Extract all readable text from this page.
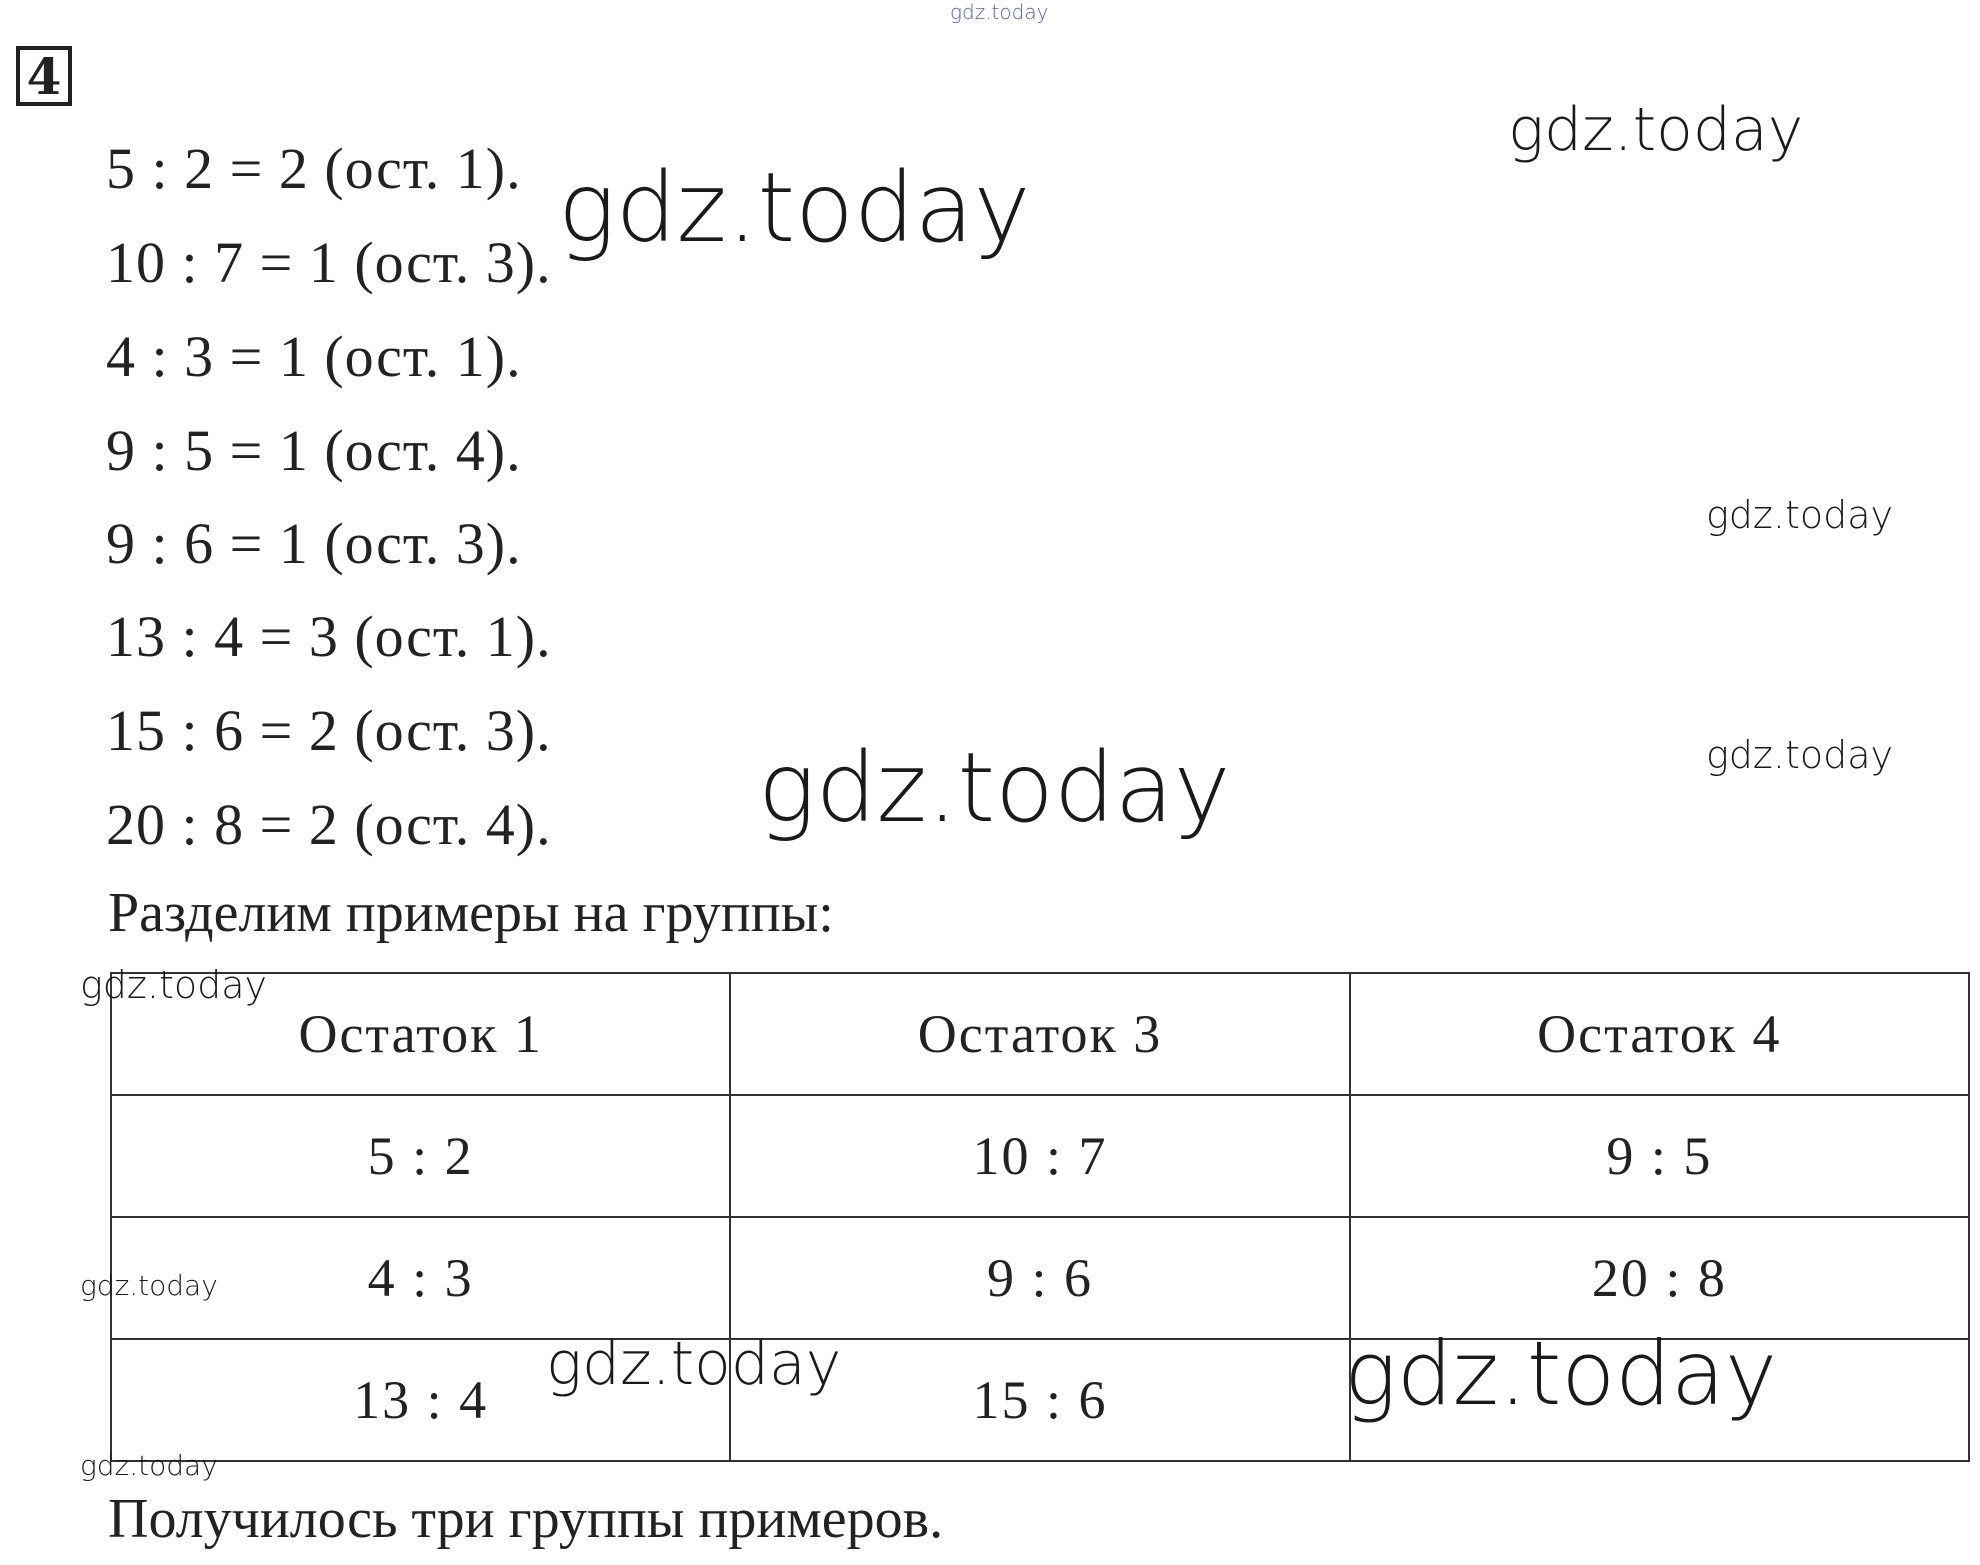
gdz.today
4
5 : 2 = 2 (ост. 1).
10 : 7 = 1 (ост. 3).
4 : 3 = 1 (ост. 1).
9 : 5 = 1 (ост. 4).
9 : 6 = 1 (ост. 3).
13 : 4 = 3 (ост. 1).
15 : 6 = 2 (ост. 3).
20 : 8 = 2 (ост. 4).
Разделим примеры на группы:
Остаток 1	Остаток 3	Остаток 4
5 : 2	10 : 7	9 : 5
4 : 3	9 : 6	20 : 8
13 : 4	15 : 6	
Получилось три группы примеров.
gdz.today
gdz.today
gdz.today
gdz.today
gdz.today
gdz.today
gdz.today
gdz.today	gdz.today
gdz.today
